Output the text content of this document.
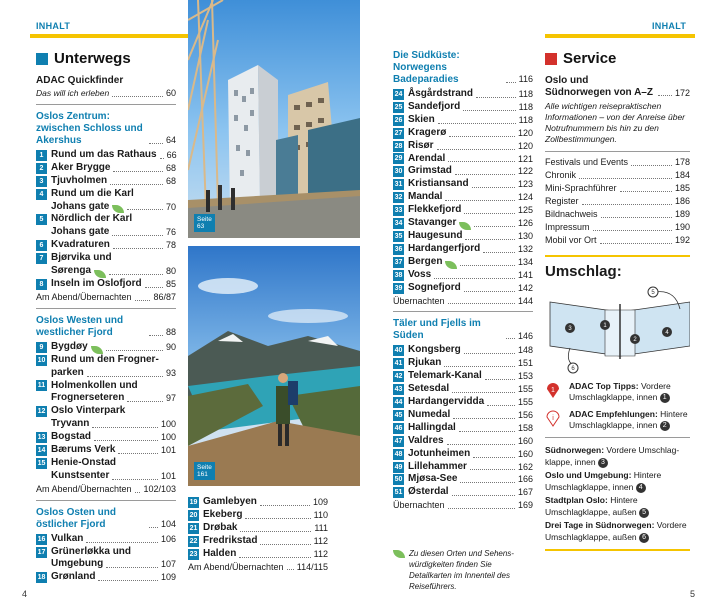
INHALT	INHALT
Unterwegs
ADAC Quickfinder
Das will ich erleben	60
Oslos Zentrum: zwischen Schloss und Akershus	64
1 Rund um das Rathaus 66
2 Aker Brygge	68
3 Tjuvholmen	68
4 Rund um die Karl
Johans gate	70
5 Nördlich der Karl
Johans gate	76
6 Kvadraturen	78
7 Bjørvika und
Sørenga	80
8 Inseln im Oslofjord	85
Am Abend/Übernachten 86/87
Oslos Westen und westlicher Fjord	88
9 Bygdøy	90
10 Rund um den Frogner-
parken	93
11 Holmenkollen und
Frognerseteren	97
12 Oslo Vinterpark
Tryvann	100
13 Bogstad	100
14 Bærums Verk	101
15 Henie-Onstad
Kunstsenter	101
Am Abend/Übernachten 102/103
Oslos Osten und östlicher Fjord	104
16 Vulkan	106
17 Grünerløkka und
Umgebung	107
18 Grønland	109
Seite
63
Seite
161
19 Gamlebyen	109
20 Ekeberg	110
21 Drøbak	111
22 Fredrikstad	112
23 Halden	112
Am Abend/Übernachten 114/115
Die Südküste: Norwegens Badeparadies	116
24 Åsgårdstrand	118
25 Sandefjord	118
26 Skien	118
27 Kragerø	120
28 Risør	120
29 Arendal	121
30 Grimstad	122
31 Kristiansand	123
32 Mandal	124
33 Flekkefjord	125
34 Stavanger	126
35 Haugesund	130
36 Hardangerfjord	132
37 Bergen	134
38 Voss	141
39 Sognefjord	142
Übernachten	144
Täler und Fjells im Süden	146
40 Kongsberg	148
41 Rjukan	151
42 Telemark-Kanal	153
43 Setesdal	155
44 Hardangervidda	155
45 Numedal	156
46 Hallingdal	158
47 Valdres	160
48 Jotunheimen	160
49 Lillehammer	162
50 Mjøsa-See	166
51 Østerdal	167
Übernachten	169
Zu diesen Orten und Sehens- würdigkeiten finden Sie Detailkarten im Innenteil des Reiseführers.
Service
Oslo und Südnorwegen von A–Z 172
Alle wichtigen reisepraktischen Informationen – von der Anreise über Notrufnummern bis hin zu den Zollbestimmungen.
Festivals und Events	178
Chronik	184
Mini-Sprachführer	185
Register	186
Bildnachweis	189
Impressum	190
Mobil vor Ort	192
Umschlag:
3	1
2
4
5
6
1 ADAC Top Tipps: Vordere Umschlagklappe, innen 1
i ADAC Empfehlungen: Hintere Umschlagklappe, innen 2
Südnorwegen: Vordere Umschlag- klappe, innen 3
Oslo und Umgebung: Hintere Umschlagklappe, innen 4
Stadtplan Oslo: Hintere Umschlagklappe, außen 5
Drei Tage in Südnorwegen: Vordere Umschlagklappe, außen 6
4	5
